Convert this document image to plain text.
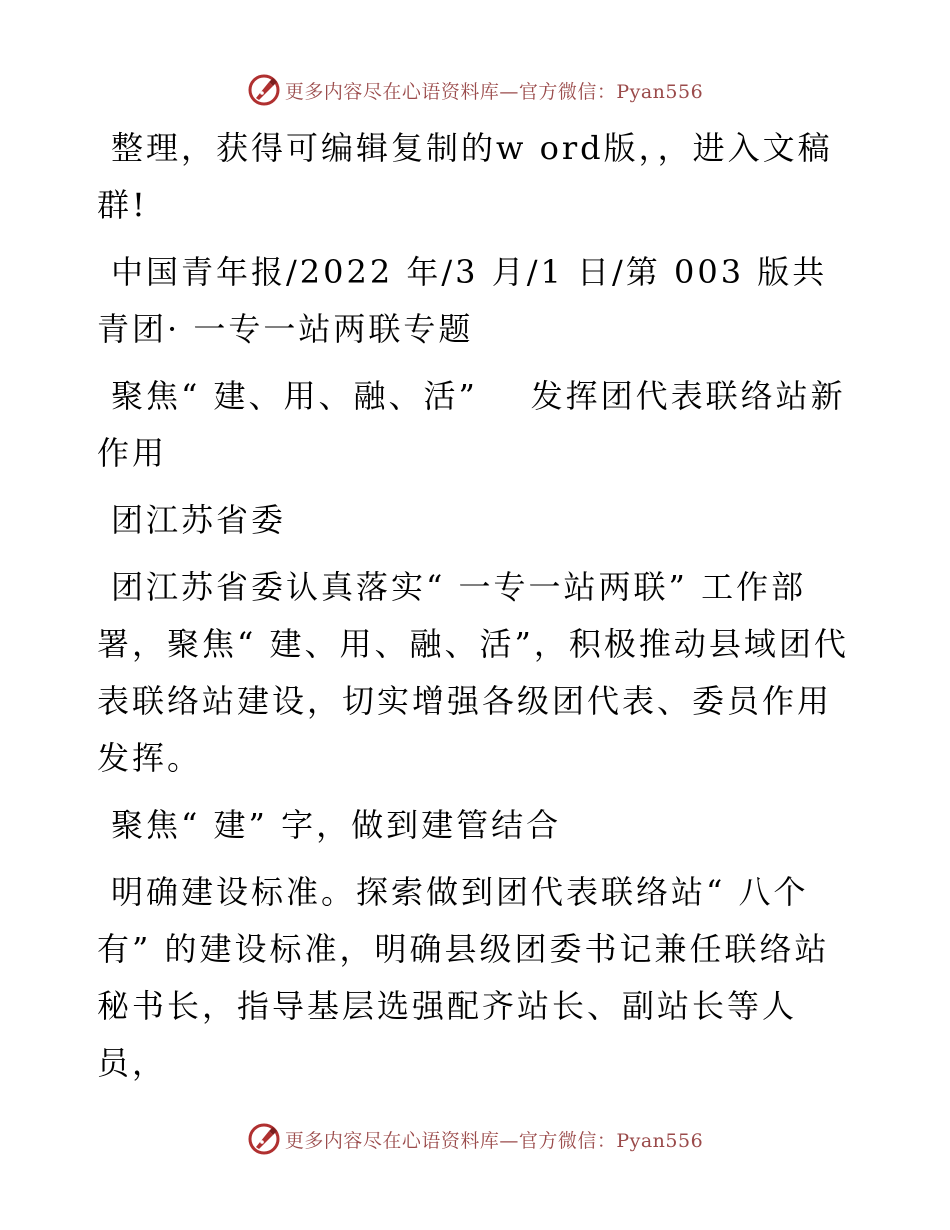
更多内容尽在心语资料库—官方微信：Pyan556

整理，获得可编辑复制的w ord版，，进入文稿群!

中国青年报/2022 年/3 月/1 日/第 003 版共青团· 一专一站两联专题

聚焦“ 建、用、融、活”    发挥团代表联络站新作用

团江苏省委

团江苏省委认真落实“ 一专一站两联” 工作部署，聚焦“ 建、用、融、活”，积极推动县域团代表联络站建设，切实增强各级团代表、委员作用发挥。

聚焦“ 建” 字，做到建管结合

明确建设标准。探索做到团代表联络站“ 八个有” 的建设标准，明确县级团委书记兼任联络站秘书长，指导基层选强配齐站长、副站长等人员，

更多内容尽在心语资料库—官方微信：Pyan556
